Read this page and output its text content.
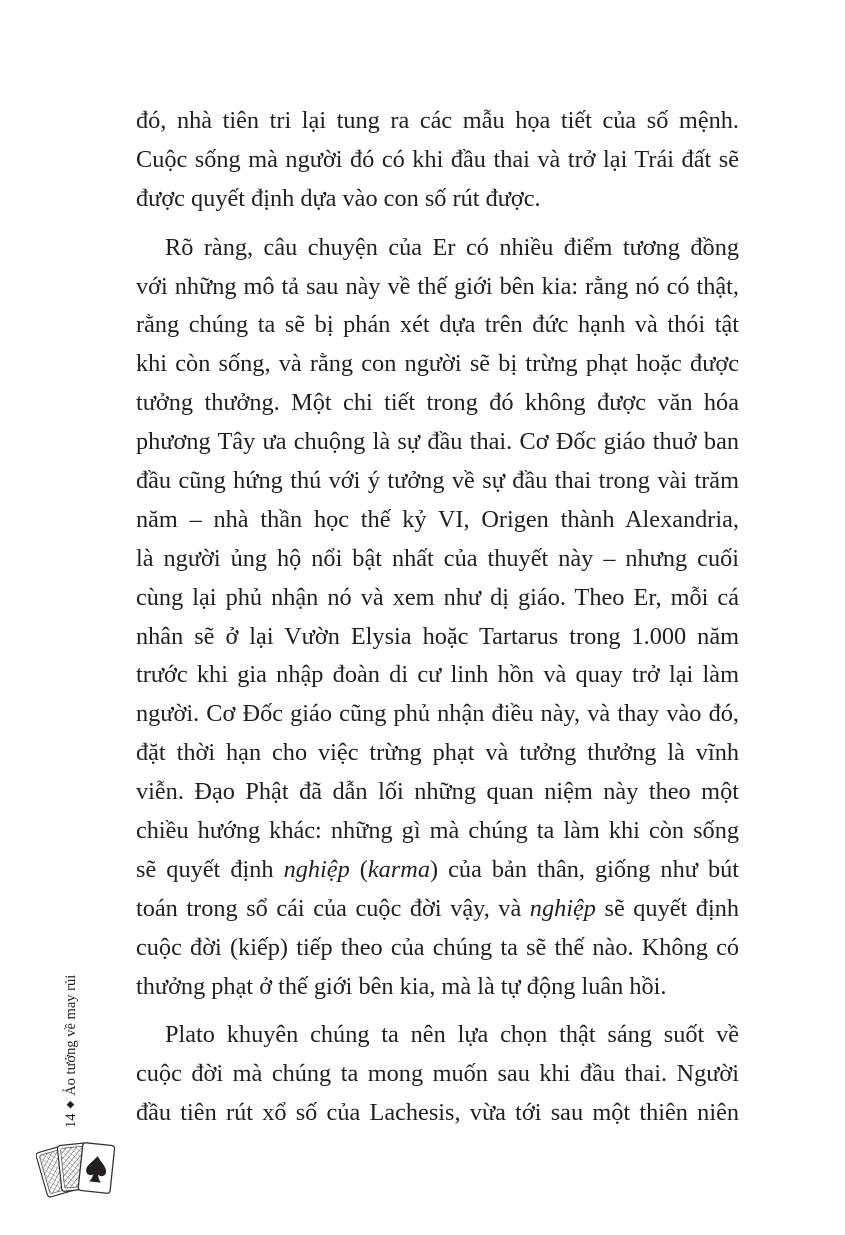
đó, nhà tiên tri lại tung ra các mẫu họa tiết của số mệnh.
Cuộc sống mà người đó có khi đầu thai và trở lại Trái đất sẽ
được quyết định dựa vào con số rút được.
Rõ ràng, câu chuyện của Er có nhiều điểm tương đồng
với những mô tả sau này về thế giới bên kia: rằng nó có thật,
rằng chúng ta sẽ bị phán xét dựa trên đức hạnh và thói tật
khi còn sống, và rằng con người sẽ bị trừng phạt hoặc được
tưởng thưởng. Một chi tiết trong đó không được văn hóa
phương Tây ưa chuộng là sự đầu thai. Cơ Đốc giáo thuở ban
đầu cũng hứng thú với ý tưởng về sự đầu thai trong vài trăm
năm – nhà thần học thế kỷ VI, Origen thành Alexandria,
là người ủng hộ nổi bật nhất của thuyết này – nhưng cuối
cùng lại phủ nhận nó và xem như dị giáo. Theo Er, mỗi cá
nhân sẽ ở lại Vườn Elysia hoặc Tartarus trong 1.000 năm
trước khi gia nhập đoàn di cư linh hồn và quay trở lại làm
người. Cơ Đốc giáo cũng phủ nhận điều này, và thay vào đó,
đặt thời hạn cho việc trừng phạt và tưởng thưởng là vĩnh
viễn. Đạo Phật đã dẫn lối những quan niệm này theo một
chiều hướng khác: những gì mà chúng ta làm khi còn sống
sẽ quyết định nghiệp (karma) của bản thân, giống như bút
toán trong sổ cái của cuộc đời vậy, và nghiệp sẽ quyết định
cuộc đời (kiếp) tiếp theo của chúng ta sẽ thế nào. Không có
thưởng phạt ở thế giới bên kia, mà là tự động luân hồi.
Plato khuyên chúng ta nên lựa chọn thật sáng suốt về
cuộc đời mà chúng ta mong muốn sau khi đầu thai. Người
đầu tiên rút xổ số của Lachesis, vừa tới sau một thiên niên
14
◆
Ảo tưởng về may rủi
